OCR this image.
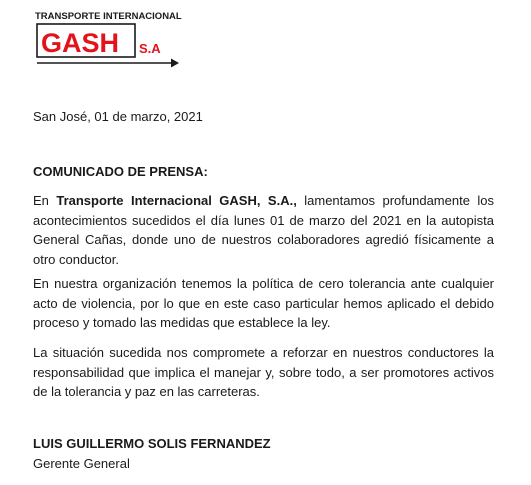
TRANSPORTE INTERNACIONAL
GASH S.A
San José, 01 de marzo, 2021
COMUNICADO DE PRENSA:
En Transporte Internacional GASH, S.A., lamentamos profundamente los acontecimientos sucedidos el día lunes 01 de marzo del 2021 en la autopista General Cañas, donde uno de nuestros colaboradores agredió físicamente a otro conductor.
En nuestra organización tenemos la política de cero tolerancia ante cualquier acto de violencia, por lo que en este caso particular hemos aplicado el debido proceso y tomado las medidas que establece la ley.
La situación sucedida nos compromete a reforzar en nuestros conductores la responsabilidad que implica el manejar y, sobre todo, a ser promotores activos de la tolerancia y paz en las carreteras.
LUIS GUILLERMO SOLIS FERNANDEZ
Gerente General
